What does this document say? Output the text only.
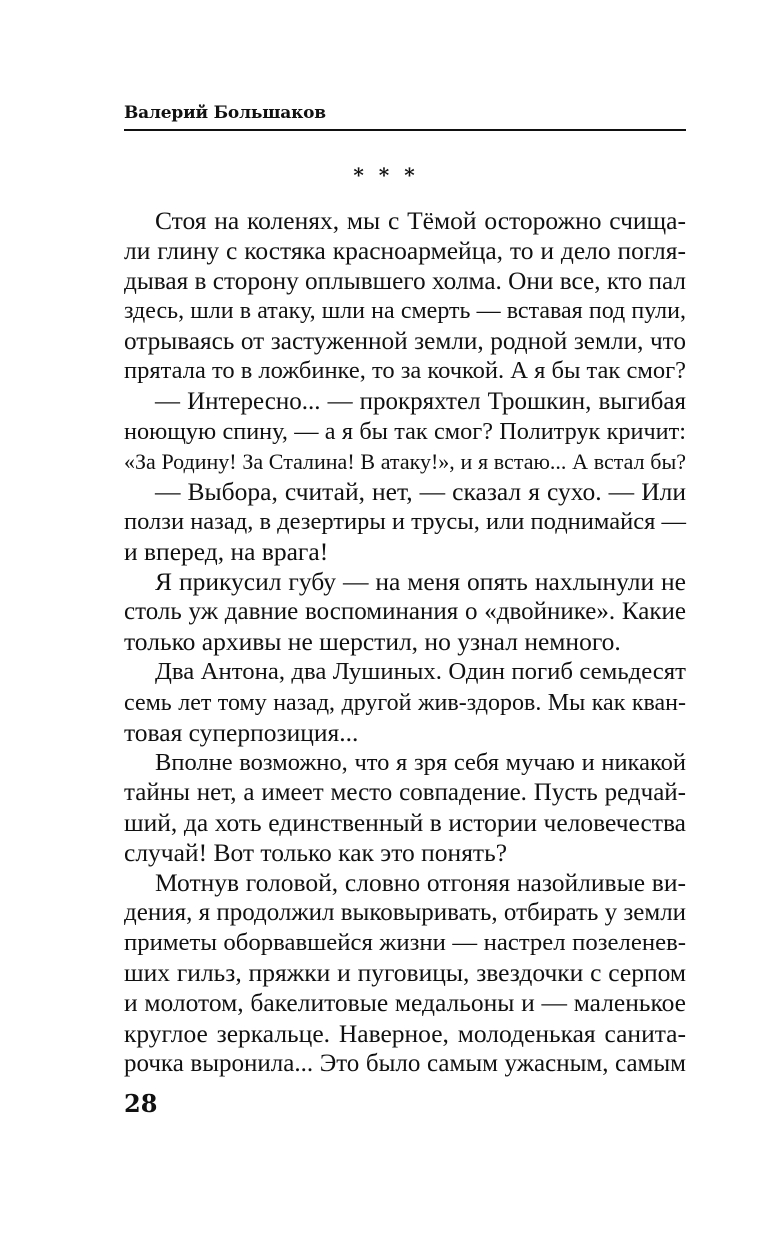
Валерий Большаков
* * *
Стоя на коленях, мы с Тёмой осторожно счища-
ли глину с костяка красноармейца, то и дело погля-
дывая в сторону оплывшего холма. Они все, кто пал
здесь, шли в атаку, шли на смерть — вставая под пули,
отрываясь от застуженной земли, родной земли, что
прятала то в ложбинке, то за кочкой. А я бы так смог?
— Интересно... — прокряхтел Трошкин, выгибая
ноющую спину, — а я бы так смог? Политрук кричит:
«За Родину! За Сталина! В атаку!», и я встаю... А встал бы?
— Выбора, считай, нет, — сказал я сухо. — Или
ползи назад, в дезертиры и трусы, или поднимайся —
и вперед, на врага!
Я прикусил губу — на меня опять нахлынули не
столь уж давние воспоминания о «двойнике». Какие
только архивы не шерстил, но узнал немного.
Два Антона, два Лушиных. Один погиб семьдесят
семь лет тому назад, другой жив-здоров. Мы как кван-
товая суперпозиция...
Вполне возможно, что я зря себя мучаю и никакой
тайны нет, а имеет место совпадение. Пусть редчай-
ший, да хоть единственный в истории человечества
случай! Вот только как это понять?
Мотнув головой, словно отгоняя назойливые ви-
дения, я продолжил выковыривать, отбирать у земли
приметы оборвавшейся жизни — настрел позеленев-
ших гильз, пряжки и пуговицы, звездочки с серпом
и молотом, бакелитовые медальоны и — маленькое
круглое зеркальце. Наверное, молоденькая санита-
рочка выронила... Это было самым ужасным, самым
28
